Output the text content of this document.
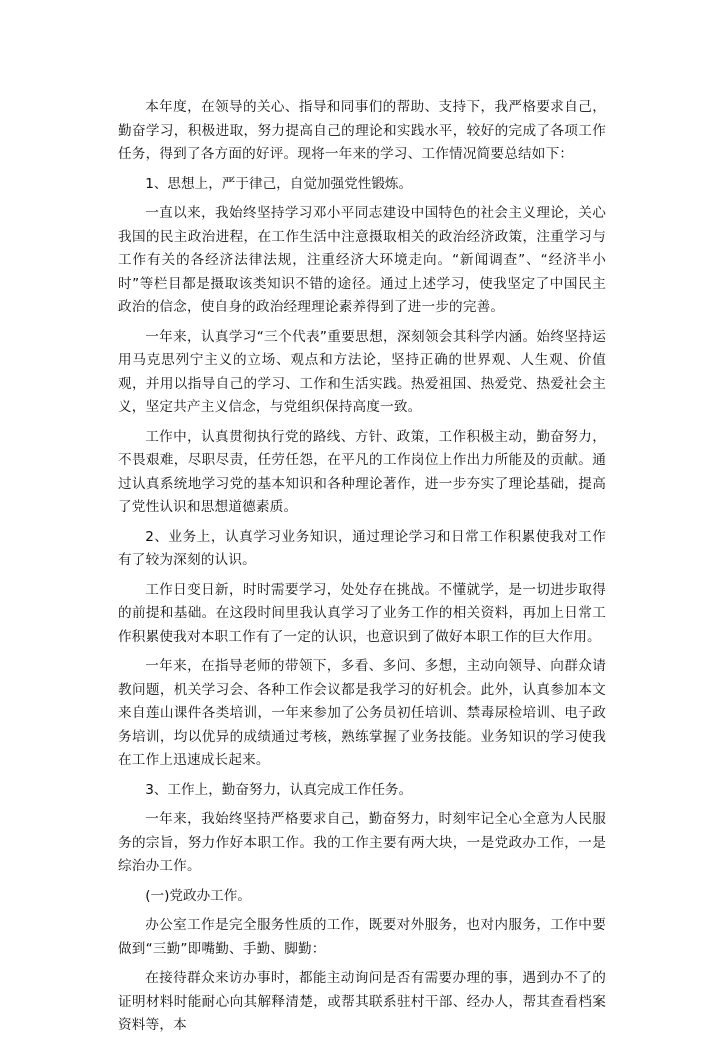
本年度，在领导的关心、指导和同事们的帮助、支持下，我严格要求自己，勤奋学习，积极进取，努力提高自己的理论和实践水平，较好的完成了各项工作任务，得到了各方面的好评。现将一年来的学习、工作情况简要总结如下：

1、思想上，严于律己，自觉加强党性锻炼。

一直以来，我始终坚持学习邓小平同志建设中国特色的社会主义理论，关心我国的民主政治进程，在工作生活中注意摄取相关的政治经济政策，注重学习与工作有关的各经济法律法规，注重经济大环境走向。“新闻调查”、“经济半小时”等栏目都是摄取该类知识不错的途径。通过上述学习，使我坚定了中国民主政治的信念，使自身的政治经理理论素养得到了进一步的完善。

一年来，认真学习“三个代表”重要思想，深刻领会其科学内涵。始终坚持运用马克思列宁主义的立场、观点和方法论，坚持正确的世界观、人生观、价值观，并用以指导自己的学习、工作和生活实践。热爱祖国、热爱党、热爱社会主义，坚定共产主义信念，与党组织保持高度一致。

工作中，认真贯彻执行党的路线、方针、政策，工作积极主动，勤奋努力，不畏艰难，尽职尽责，任劳任怨，在平凡的工作岗位上作出力所能及的贡献。通过认真系统地学习党的基本知识和各种理论著作，进一步夯实了理论基础，提高了党性认识和思想道德素质。

2、业务上，认真学习业务知识，通过理论学习和日常工作积累使我对工作有了较为深刻的认识。

工作日变日新，时时需要学习，处处存在挑战。不懂就学，是一切进步取得的前提和基础。在这段时间里我认真学习了业务工作的相关资料，再加上日常工作积累使我对本职工作有了一定的认识，也意识到了做好本职工作的巨大作用。

一年来，在指导老师的带领下，多看、多问、多想，主动向领导、向群众请教问题，机关学习会、各种工作会议都是我学习的好机会。此外，认真参加本文来自莲山课件各类培训，一年来参加了公务员初任培训、禁毒尿检培训、电子政务培训，均以优异的成绩通过考核，熟练掌握了业务技能。业务知识的学习使我在工作上迅速成长起来。

3、工作上，勤奋努力，认真完成工作任务。

一年来，我始终坚持严格要求自己，勤奋努力，时刻牢记全心全意为人民服务的宗旨，努力作好本职工作。我的工作主要有两大块，一是党政办工作，一是综治办工作。

(一)党政办工作。

办公室工作是完全服务性质的工作，既要对外服务，也对内服务，工作中要做到“三勤”即嘴勤、手勤、脚勤：

在接待群众来访办事时，都能主动询问是否有需要办理的事，遇到办不了的证明材料时能耐心向其解释清楚，或帮其联系驻村干部、经办人，帮其查看档案资料等，本
